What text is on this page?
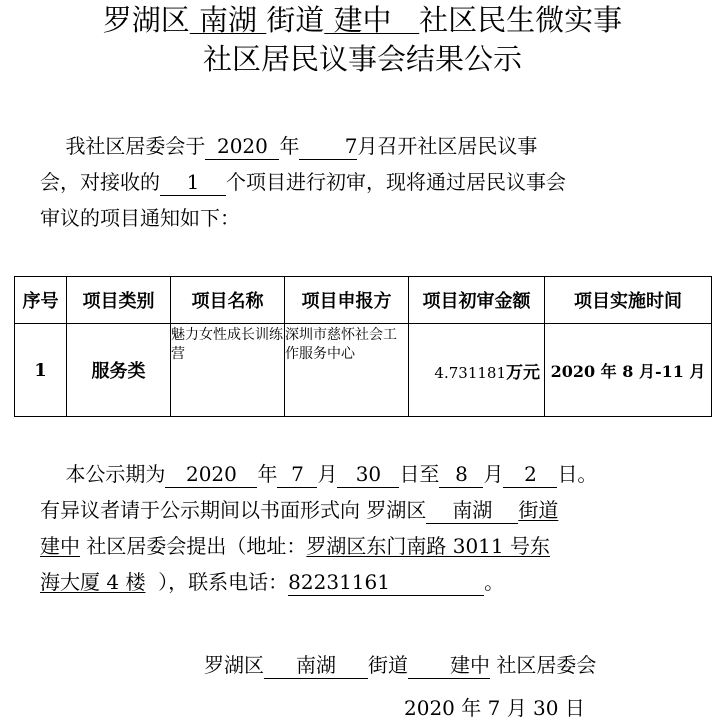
罗湖区 南湖 街道 建中 社区民生微实事
社区居民议事会结果公示
我社区居委会于 2020 年 7月召开社区居民议事
会，对接收的 1 个项目进行初审，现将通过居民议事会
审议的项目通知如下：
序号	项目类别	项目名称	项目申报方	项目初审金额	项目实施时间
1	服务类	魅力女性成长训练营	深圳市慈怀社会工作服务中心	4.731181万元	2020 年 8 月-11 月
本公示期为 2020 年 7 月 30 日至 8 月 2 日。
有异议者请于公示期间以书面形式向 罗湖区 南湖 街道
建中 社区居委会提出（地址：罗湖区东门南路 3011 号东
海大厦 4 楼 ），联系电话：82231161	。
罗湖区 南湖 街道 建中 社区居委会
2020 年 7 月 30 日
